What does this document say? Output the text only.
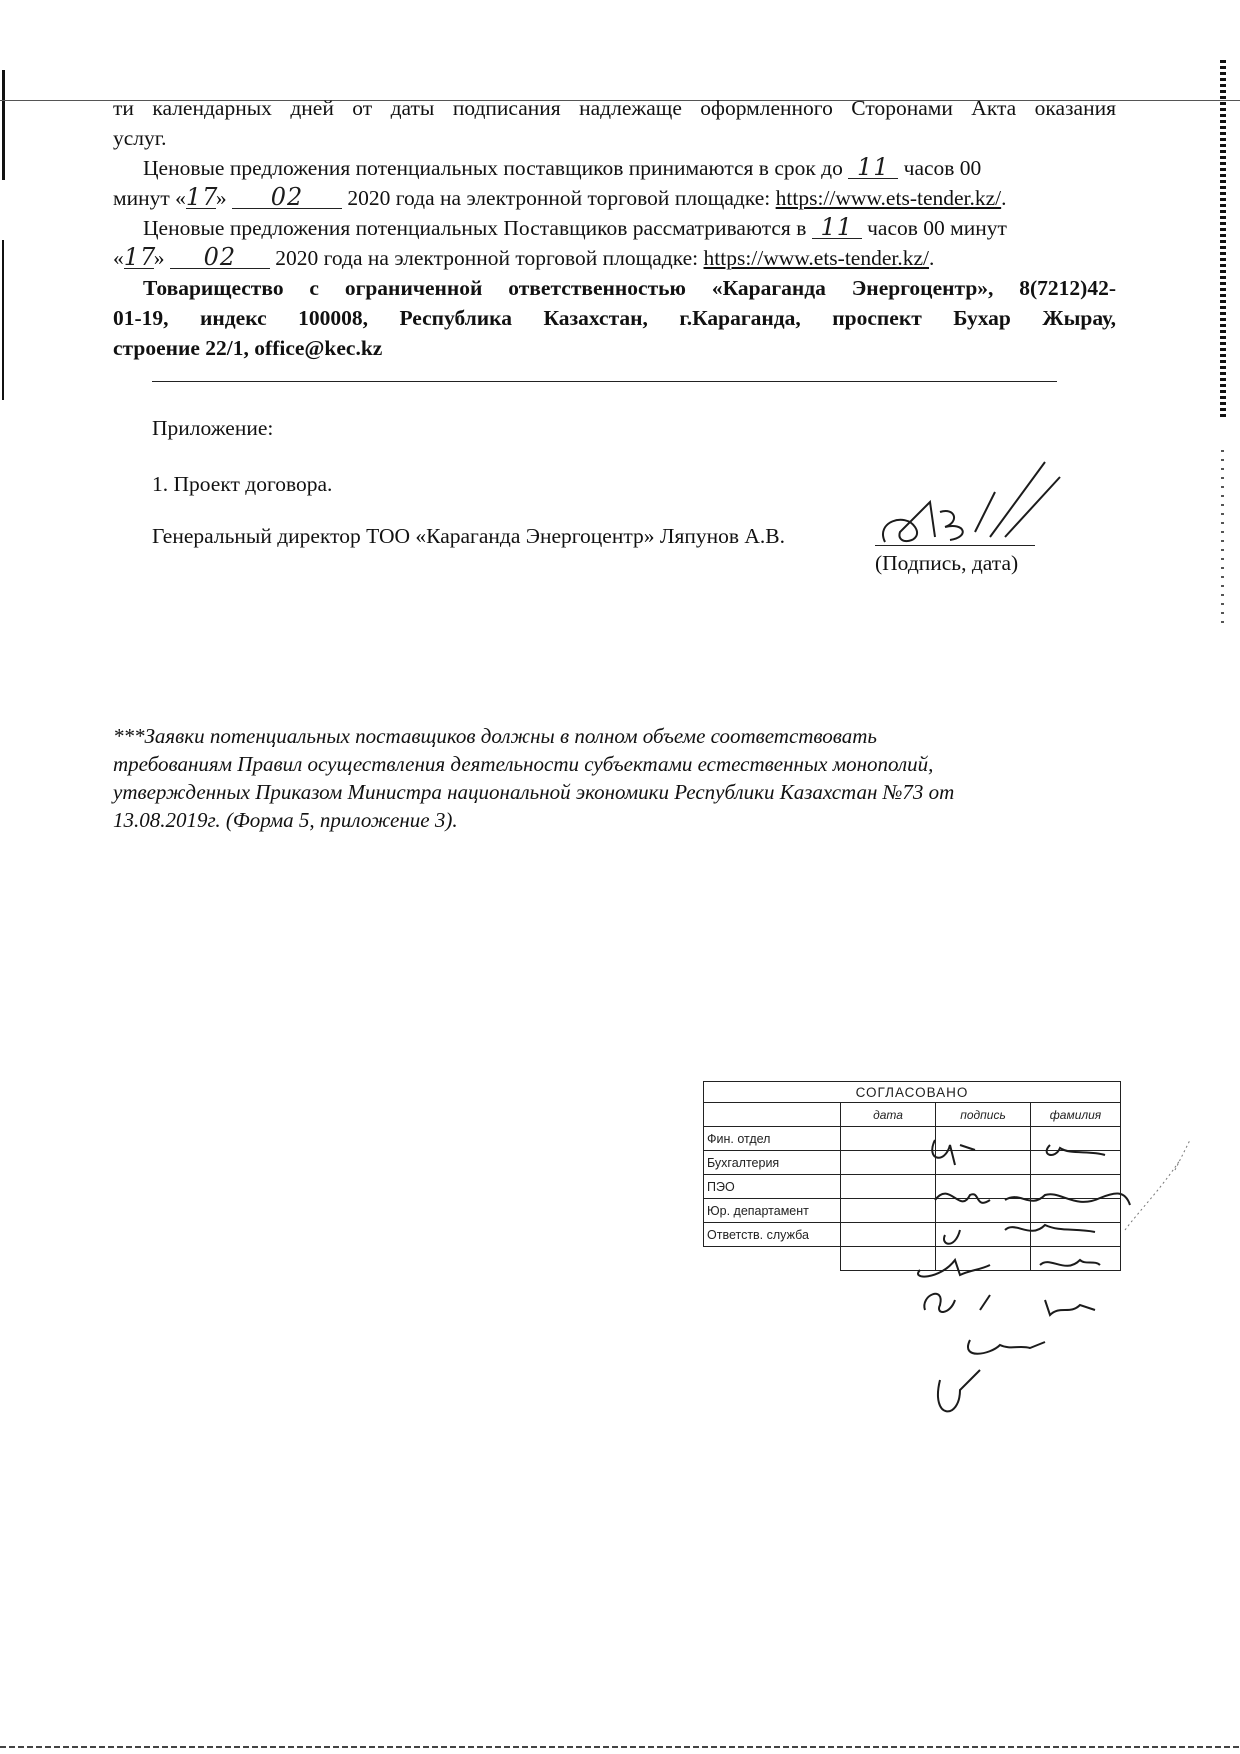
ти календарных дней от даты подписания надлежаще оформленного Сторонами Акта оказания
услуг.
Ценовые предложения потенциальных поставщиков принимаются в срок до 11 часов 00
минут «17» 02 2020 года на электронной торговой площадке: https://www.ets-tender.kz/.
Ценовые предложения потенциальных Поставщиков рассматриваются в 11 часов 00 минут
«17» 02 2020 года на электронной торговой площадке: https://www.ets-tender.kz/.
Товарищество с ограниченной ответственностью «Караганда Энергоцентр», 8(7212)42-
01-19, индекс 100008, Республика Казахстан, г.Караганда, проспект Бухар Жырау,
строение 22/1, office@kec.kz
Приложение:
1. Проект договора.
Генеральный директор ТОО «Караганда Энергоцентр» Ляпунов А.В.
(Подпись, дата)
***Заявки потенциальных поставщиков должны в полном объеме соответствовать
требованиям Правил осуществления деятельности субъектами естественных монополий,
утвержденных Приказом Министра национальной экономики Республики Казахстан №73 от
13.08.2019г. (Форма 5, приложение 3).
СОГЛАСОВАНО			
	дата	подпись	фамилия
Фин. отдел			
Бухгалтерия			
ПЭО			
Юр. департамент			
Ответств. служба			
